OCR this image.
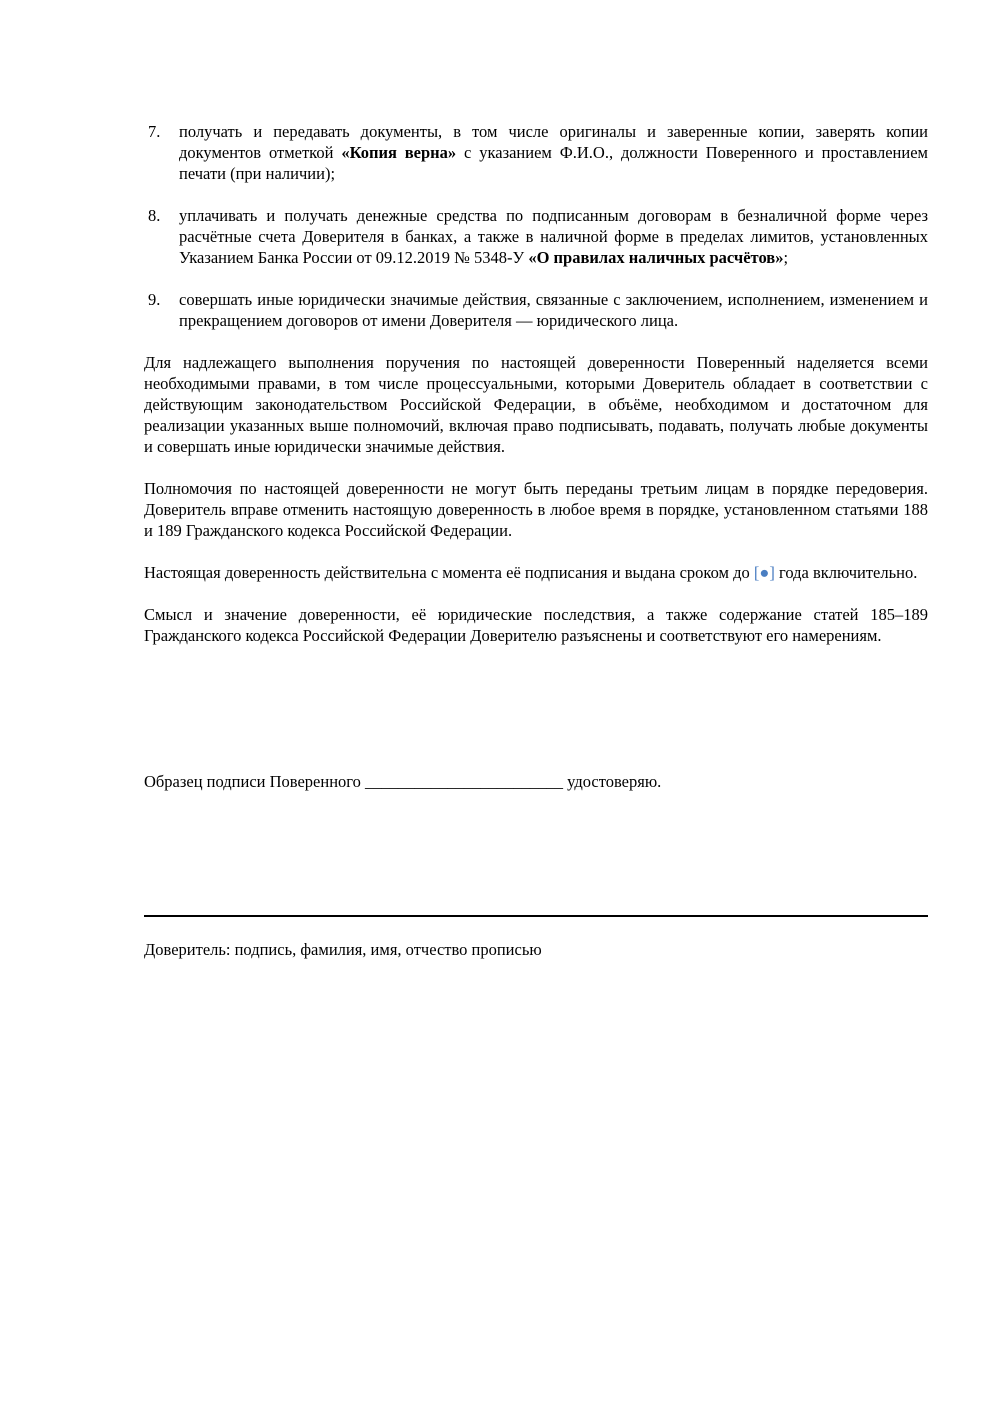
7. получать и передавать документы, в том числе оригиналы и заверенные копии, заверять копии документов отметкой «Копия верна» с указанием Ф.И.О., должности Поверенного и проставлением печати (при наличии);
8. уплачивать и получать денежные средства по подписанным договорам в безналичной форме через расчётные счета Доверителя в банках, а также в наличной форме в пределах лимитов, установленных Указанием Банка России от 09.12.2019 № 5348-У «О правилах наличных расчётов»;
9. совершать иные юридически значимые действия, связанные с заключением, исполнением, изменением и прекращением договоров от имени Доверителя — юридического лица.

Для надлежащего выполнения поручения по настоящей доверенности Поверенный наделяется всеми необходимыми правами, в том числе процессуальными, которыми Доверитель обладает в соответствии с действующим законодательством Российской Федерации, в объёме, необходимом и достаточном для реализации указанных выше полномочий, включая право подписывать, подавать, получать любые документы и совершать иные юридически значимые действия.

Полномочия по настоящей доверенности не могут быть переданы третьим лицам в порядке передоверия. Доверитель вправе отменить настоящую доверенность в любое время в порядке, установленном статьями 188 и 189 Гражданского кодекса Российской Федерации.

Настоящая доверенность действительна с момента её подписания и выдана сроком до [●] года включительно.

Смысл и значение доверенности, её юридические последствия, а также содержание статей 185–189 Гражданского кодекса Российской Федерации Доверителю разъяснены и соответствуют его намерениям.

Образец подписи Поверенного ________________________ удостоверяю.
Доверитель: подпись, фамилия, имя, отчество прописью
